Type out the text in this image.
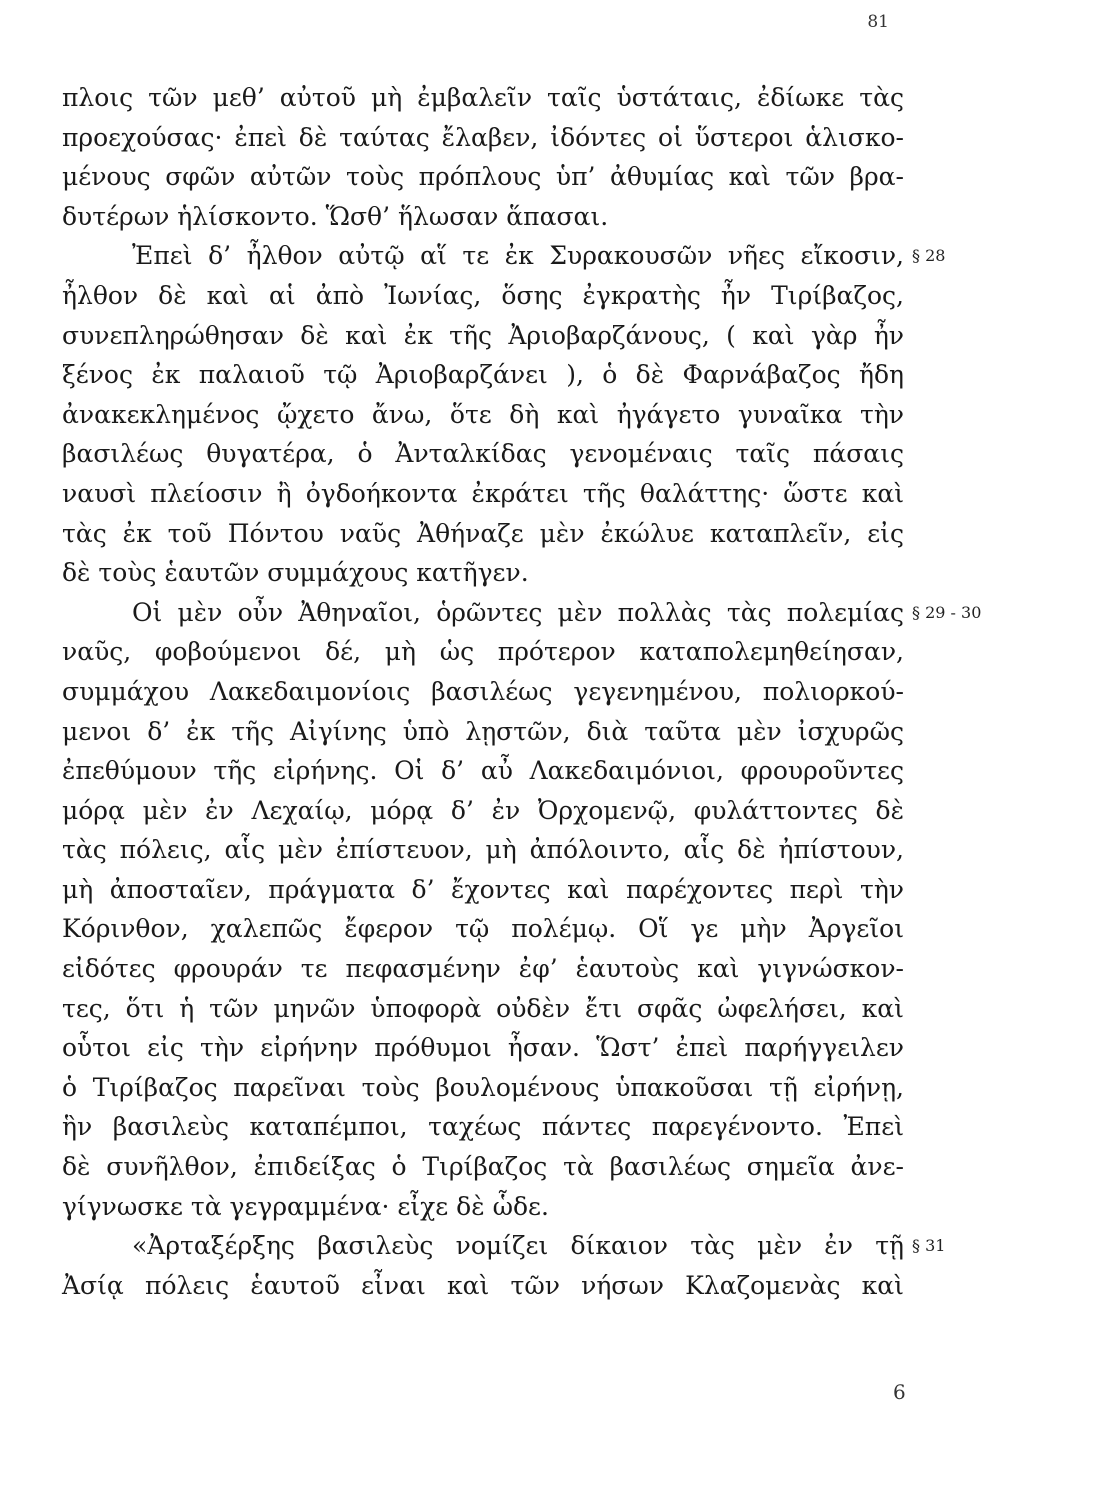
81
πλοις τῶν μεθ’ αὐτοῦ μὴ ἐμβαλεῖν ταῖς ὑστάταις, ἐδίωκε τὰς
προεχούσας· ἐπεὶ δὲ ταύτας ἔλαβεν, ἰδόντες οἱ ὕστεροι ἁλισκο-
μένους σφῶν αὐτῶν τοὺς πρόπλους ὑπ’ ἀθυμίας καὶ τῶν βρα-
δυτέρων ἡλίσκοντο. Ὥσθ’ ἥλωσαν ἅπασαι.
Ἐπεὶ δ’ ἦλθον αὐτῷ αἵ τε ἐκ Συρακουσῶν νῆες εἴκοσιν, § 28
ἦλθον δὲ καὶ αἱ ἀπὸ Ἰωνίας, ὅσης ἐγκρατὴς ἦν Τιρίβαζος,
συνεπληρώθησαν δὲ καὶ ἐκ τῆς Ἀριοβαρζάνους, ( καὶ γὰρ ἦν
ξένος ἐκ παλαιοῦ τῷ Ἀριοβαρζάνει ), ὁ δὲ Φαρνάβαζος ἤδη
ἀνακεκλημένος ᾤχετο ἄνω, ὅτε δὴ καὶ ἠγάγετο γυναῖκα τὴν
βασιλέως θυγατέρα, ὁ Ἀνταλκίδας γενομέναις ταῖς πάσαις
ναυσὶ πλείοσιν ἢ ὀγδοήκοντα ἐκράτει τῆς θαλάττης· ὥστε καὶ
τὰς ἐκ τοῦ Πόντου ναῦς Ἀθήναζε μὲν ἐκώλυε καταπλεῖν, εἰς
δὲ τοὺς ἑαυτῶν συμμάχους κατῆγεν.
Οἱ μὲν οὖν Ἀθηναῖοι, ὁρῶντες μὲν πολλὰς τὰς πολεμίας § 29 - 30
ναῦς, φοβούμενοι δέ, μὴ ὡς πρότερον καταπολεμηθείησαν,
συμμάχου Λακεδαιμονίοις βασιλέως γεγενημένου, πολιορκού-
μενοι δ’ ἐκ τῆς Αἰγίνης ὑπὸ λῃστῶν, διὰ ταῦτα μὲν ἰσχυρῶς
ἐπεθύμουν τῆς εἰρήνης. Οἱ δ’ αὖ Λακεδαιμόνιοι, φρουροῦντες
μόρᾳ μὲν ἐν Λεχαίῳ, μόρᾳ δ’ ἐν Ὀρχομενῷ, φυλάττοντες δὲ
τὰς πόλεις, αἷς μὲν ἐπίστευον, μὴ ἀπόλοιντο, αἷς δὲ ἠπίστουν,
μὴ ἀποσταῖεν, πράγματα δ’ ἔχοντες καὶ παρέχοντες περὶ τὴν
Κόρινθον, χαλεπῶς ἔφερον τῷ πολέμῳ. Οἵ γε μὴν Ἀργεῖοι
εἰδότες φρουράν τε πεφασμένην ἐφ’ ἑαυτοὺς καὶ γιγνώσκον-
τες, ὅτι ἡ τῶν μηνῶν ὑποφορὰ οὐδὲν ἔτι σφᾶς ὠφελήσει, καὶ
οὗτοι εἰς τὴν εἰρήνην πρόθυμοι ἦσαν. Ὥστ’ ἐπεὶ παρήγγειλεν
ὁ Τιρίβαζος παρεῖναι τοὺς βουλομένους ὑπακοῦσαι τῇ εἰρήνῃ,
ἣν βασιλεὺς καταπέμποι, ταχέως πάντες παρεγένοντο. Ἐπεὶ
δὲ συνῆλθον, ἐπιδείξας ὁ Τιρίβαζος τὰ βασιλέως σημεῖα ἀνε-
γίγνωσκε τὰ γεγραμμένα· εἶχε δὲ ὧδε.
«Ἀρταξέρξης βασιλεὺς νομίζει δίκαιον τὰς μὲν ἐν τῇ § 31
Ἀσίᾳ πόλεις ἑαυτοῦ εἶναι καὶ τῶν νήσων Κλαζομενὰς καὶ
6
